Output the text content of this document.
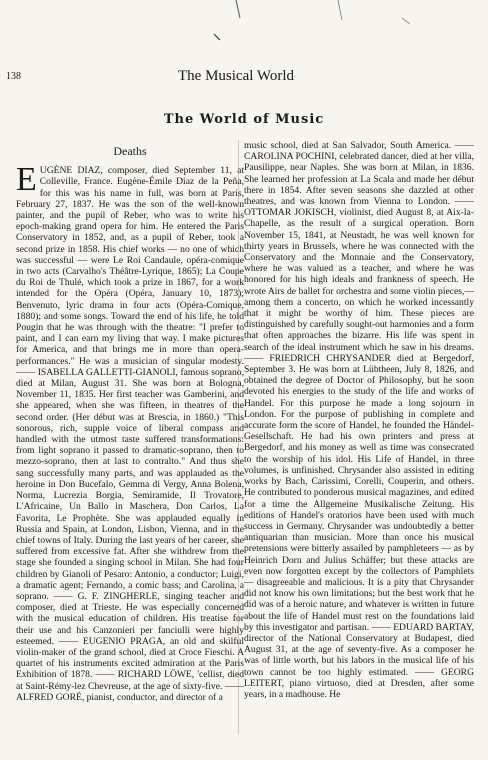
138	The Musical World
The World of Music
Deaths

EUGÈNE DIAZ, composer, died September 11, at Colleville, France. Eugène-Émile Diaz de la Peña, for this was his name in full, was born at Paris, February 27, 1837. He was the son of the well-known painter, and the pupil of Reber, who was to write his epoch-making grand opera for him. He entered the Paris Conservatory in 1852, and, as a pupil of Reber, took a second prize in 1858. His chief works — no one of which was successful — were Le Roi Candaule, opéra-comique in two acts (Carvalho's Théâtre-Lyrique, 1865); La Coupe du Roi de Thulé, which took a prize in 1867, for a work intended for the Opéra (Opéra, January 10, 1873); Benvenuto, lyric drama in four acts (Opéra-Comique, 1880); and some songs. Toward the end of his life, he told Pougin that he was through with the theatre: "I prefer to paint, and I can earn my living that way. I make pictures for America, and that brings me in more than opera-performances." He was a musician of singular modesty. —— ISABELLA GALLETTI-GIANOLI, famous soprano, died at Milan, August 31. She was born at Bologna, November 11, 1835. Her first teacher was Gamberini, and she appeared, when she was fifteen, in theatres of the second order. (Her début was at Brescia, in 1860.) "This sonorous, rich, supple voice of liberal compass and handled with the utmost taste suffered transformations: from light soprano it passed to dramatic-soprano, then to mezzo-soprano, then at last to contralto." And thus she sang successfully many parts, and was applauded as the heroine in Don Bucefalo, Gemma di Vergy, Anna Bolena, Norma, Lucrezia Borgia, Semiramide, Il Trovatore, L'Africaine, Un Ballo in Maschera, Don Carlos, La Favorita, Le Prophète. She was applauded equally in Russia and Spain, at London, Lisbon, Vienna, and in the chief towns of Italy. During the last years of her career, she suffered from excessive fat. After she withdrew from the stage she founded a singing school in Milan. She had four children by Gianoli of Pesaro: Antonio, a conductor; Luigi, a dramatic agent; Fernando, a comic bass; and Carolina, a soprano. —— G. F. ZINGHERLE, singing teacher and composer, died at Trieste. He was especially concerned with the musical education of children. His treatise for their use and his Canzonieri per fanciulli were highly esteemed. —— EUGENIO PRAGA, an old and skilful violin-maker of the grand school, died at Croce Fieschi. A quartet of his instruments excited admiration at the Paris Exhibition of 1878. —— RICHARD LÖWE, 'cellist, died at Saint-Rémy-lez Chevreuse, at the age of sixty-five. —— ALFRED GORÉ, pianist, conductor, and director of a

music school, died at San Salvador, South America. —— CAROLINA POCHINI, celebrated dancer, died at her villa, Pausilippe, near Naples. She was born at Milan, in 1836. She learned her profession at La Scala and made her début there in 1854. After seven seasons she dazzled at other theatres, and was known from Vienna to London. —— OTTOMAR JOKISCH, violinist, died August 8, at Aix-la-Chapelle, as the result of a surgical operation. Born November 15, 1841, at Neustadt, he was well known for thirty years in Brussels, where he was connected with the Conservatory and the Monnaie and the Conservatory, where he was valued as a teacher, and where he was honored for his high ideals and frankness of speech. He wrote Airs de ballet for orchestra and some violin pieces,— among them a concerto, on which he worked incessantly that it might be worthy of him. These pieces are distinguished by carefully sought-out harmonies and a form that often approaches the bizarre. His life was spent in search of the ideal instrument which he saw in his dreams. —— FRIEDRICH CHRYSANDER died at Bergedorf, September 3. He was born at Lübtheen, July 8, 1826, and obtained the degree of Doctor of Philosophy, but he soon devoted his energies to the study of the life and works of Handel. For this purpose he made a long sojourn in London. For the purpose of publishing in complete and accurate form the score of Handel, he founded the Händel-Gesellschaft. He had his own printers and press at Bergedorf, and his money as well as time was consecrated to the worship of his idol. His Life of Handel, in three volumes, is unfinished. Chrysander also assisted in editing works by Bach, Carissimi, Corelli, Couperin, and others. He contributed to ponderous musical magazines, and edited for a time the Allgemeine Musikalische Zeitung. His editions of Handel's oratorios have been used with much success in Germany. Chrysander was undoubtedly a better antiquarian than musician. More than once his musical pretensions were bitterly assailed by pamphleteers — as by Heinrich Dorn and Julius Schäffer; but these attacks are even now forgotten except by the collectors of Pamphlets — disagreeable and malicious. It is a pity that Chrysander did not know his own limitations; but the best work that he did was of a heroic nature, and whatever is written in future about the life of Handel must rest on the foundations laid by this investigator and partisan. —— EDUARD BARTAY, director of the National Conservatory at Budapest, died August 31, at the age of seventy-five. As a composer he was of little worth, but his labors in the musical life of his town cannot be too highly estimated. —— GEORG LEITERT, piano virtuoso, died at Dresden, after some years, in a madhouse. He
